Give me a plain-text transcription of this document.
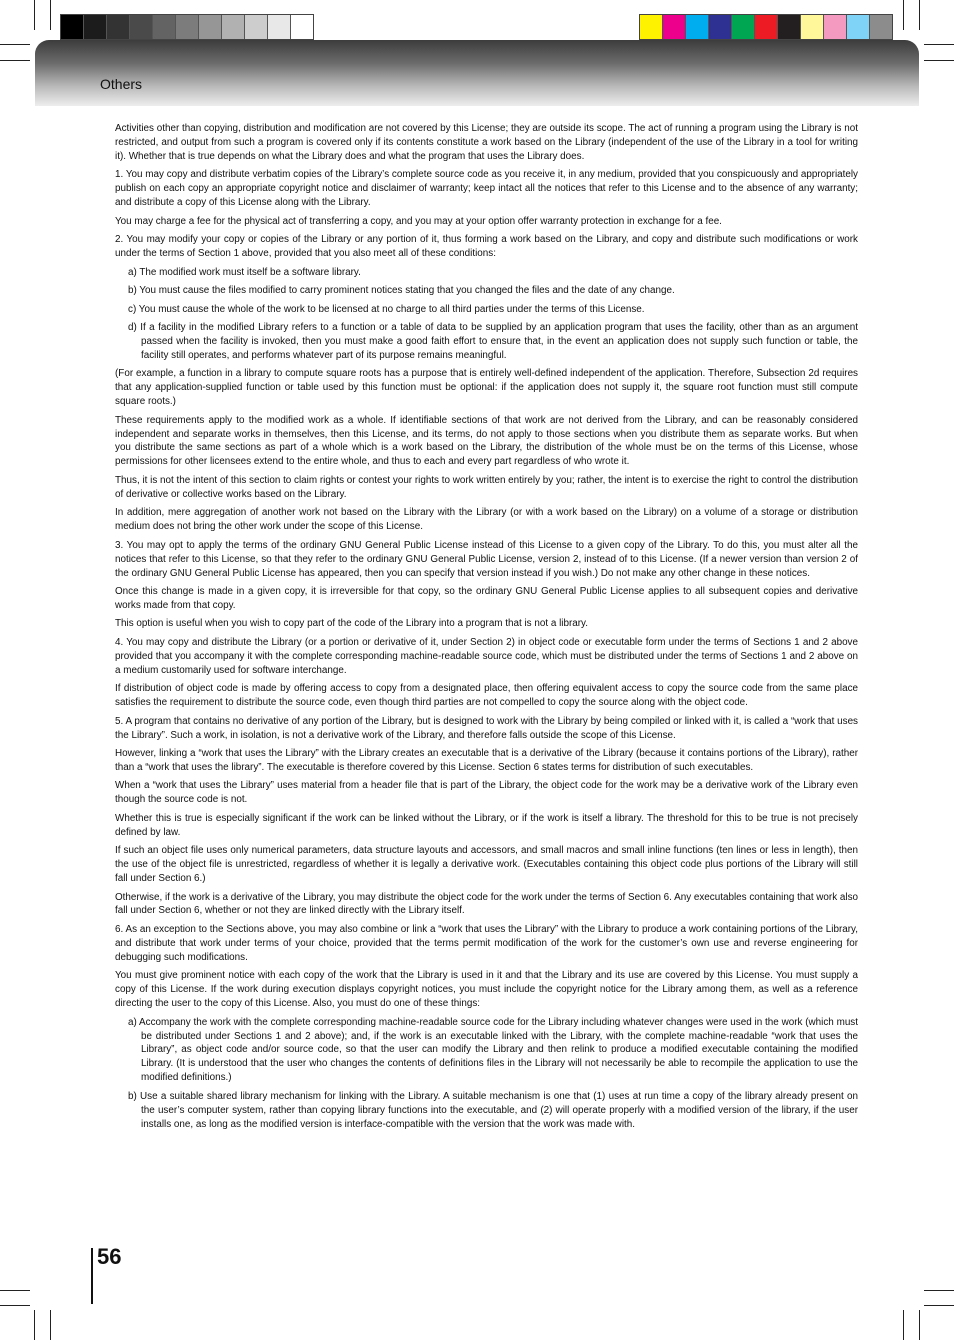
Others

Activities other than copying, distribution and modification are not covered by this License; they are outside its scope. The act of running a program using the Library is not restricted, and output from such a program is covered only if its contents constitute a work based on the Library (independent of the use of the Library in a tool for writing it). Whether that is true depends on what the Library does and what the program that uses the Library does.

1. You may copy and distribute verbatim copies of the Library’s complete source code as you receive it, in any medium, provided that you conspicuously and appropriately publish on each copy an appropriate copyright notice and disclaimer of warranty; keep intact all the notices that refer to this License and to the absence of any warranty; and distribute a copy of this License along with the Library.

You may charge a fee for the physical act of transferring a copy, and you may at your option offer warranty protection in exchange for a fee.

2. You may modify your copy or copies of the Library or any portion of it, thus forming a work based on the Library, and copy and distribute such modifications or work under the terms of Section 1 above, provided that you also meet all of these conditions:

a) The modified work must itself be a software library.

b) You must cause the files modified to carry prominent notices stating that you changed the files and the date of any change.

c) You must cause the whole of the work to be licensed at no charge to all third parties under the terms of this License.

d) If a facility in the modified Library refers to a function or a table of data to be supplied by an application program that uses the facility, other than as an argument passed when the facility is invoked, then you must make a good faith effort to ensure that, in the event an application does not supply such function or table, the facility still operates, and performs whatever part of its purpose remains meaningful.

(For example, a function in a library to compute square roots has a purpose that is entirely well-defined independent of the application. Therefore, Subsection 2d requires that any application-supplied function or table used by this function must be optional: if the application does not supply it, the square root function must still compute square roots.)

These requirements apply to the modified work as a whole. If identifiable sections of that work are not derived from the Library, and can be reasonably considered independent and separate works in themselves, then this License, and its terms, do not apply to those sections when you distribute them as separate works. But when you distribute the same sections as part of a whole which is a work based on the Library, the distribution of the whole must be on the terms of this License, whose permissions for other licensees extend to the entire whole, and thus to each and every part regardless of who wrote it.

Thus, it is not the intent of this section to claim rights or contest your rights to work written entirely by you; rather, the intent is to exercise the right to control the distribution of derivative or collective works based on the Library.

In addition, mere aggregation of another work not based on the Library with the Library (or with a work based on the Library) on a volume of a storage or distribution medium does not bring the other work under the scope of this License.

3. You may opt to apply the terms of the ordinary GNU General Public License instead of this License to a given copy of the Library. To do this, you must alter all the notices that refer to this License, so that they refer to the ordinary GNU General Public License, version 2, instead of to this License. (If a newer version than version 2 of the ordinary GNU General Public License has appeared, then you can specify that version instead if you wish.) Do not make any other change in these notices.

Once this change is made in a given copy, it is irreversible for that copy, so the ordinary GNU General Public License applies to all subsequent copies and derivative works made from that copy.

This option is useful when you wish to copy part of the code of the Library into a program that is not a library.

4. You may copy and distribute the Library (or a portion or derivative of it, under Section 2) in object code or executable form under the terms of Sections 1 and 2 above provided that you accompany it with the complete corresponding machine-readable source code, which must be distributed under the terms of Sections 1 and 2 above on a medium customarily used for software interchange.

If distribution of object code is made by offering access to copy from a designated place, then offering equivalent access to copy the source code from the same place satisfies the requirement to distribute the source code, even though third parties are not compelled to copy the source along with the object code.

5. A program that contains no derivative of any portion of the Library, but is designed to work with the Library by being compiled or linked with it, is called a “work that uses the Library”. Such a work, in isolation, is not a derivative work of the Library, and therefore falls outside the scope of this License.

However, linking a “work that uses the Library” with the Library creates an executable that is a derivative of the Library (because it contains portions of the Library), rather than a “work that uses the library”. The executable is therefore covered by this License. Section 6 states terms for distribution of such executables.

When a “work that uses the Library” uses material from a header file that is part of the Library, the object code for the work may be a derivative work of the Library even though the source code is not.

Whether this is true is especially significant if the work can be linked without the Library, or if the work is itself a library. The threshold for this to be true is not precisely defined by law.

If such an object file uses only numerical parameters, data structure layouts and accessors, and small macros and small inline functions (ten lines or less in length), then the use of the object file is unrestricted, regardless of whether it is legally a derivative work. (Executables containing this object code plus portions of the Library will still fall under Section 6.)

Otherwise, if the work is a derivative of the Library, you may distribute the object code for the work under the terms of Section 6. Any executables containing that work also fall under Section 6, whether or not they are linked directly with the Library itself.

6. As an exception to the Sections above, you may also combine or link a “work that uses the Library” with the Library to produce a work containing portions of the Library, and distribute that work under terms of your choice, provided that the terms permit modification of the work for the customer’s own use and reverse engineering for debugging such modifications.

You must give prominent notice with each copy of the work that the Library is used in it and that the Library and its use are covered by this License. You must supply a copy of this License. If the work during execution displays copyright notices, you must include the copyright notice for the Library among them, as well as a reference directing the user to the copy of this License. Also, you must do one of these things:

a) Accompany the work with the complete corresponding machine-readable source code for the Library including whatever changes were used in the work (which must be distributed under Sections 1 and 2 above); and, if the work is an executable linked with the Library, with the complete machine-readable “work that uses the Library”, as object code and/or source code, so that the user can modify the Library and then relink to produce a modified executable containing the modified Library. (It is understood that the user who changes the contents of definitions files in the Library will not necessarily be able to recompile the application to use the modified definitions.)

b) Use a suitable shared library mechanism for linking with the Library. A suitable mechanism is one that (1) uses at run time a copy of the library already present on the user’s computer system, rather than copying library functions into the executable, and (2) will operate properly with a modified version of the library, if the user installs one, as long as the modified version is interface-compatible with the version that the work was made with.

56
